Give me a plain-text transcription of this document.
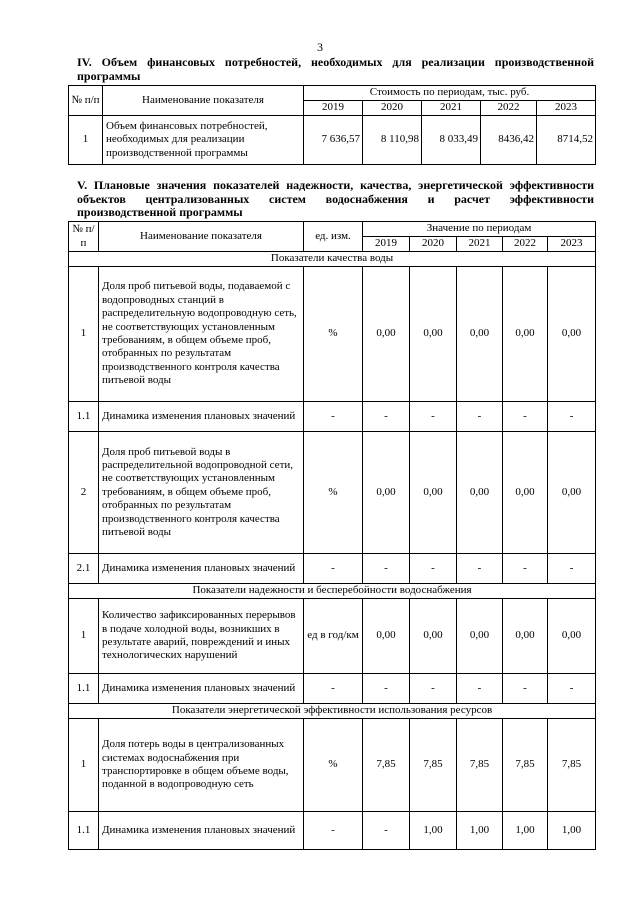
3
IV. Объем финансовых потребностей, необходимых для реализации производственной программы
№ п/п	Наименование показателя	Стоимость по периодам, тыс. руб.				
		2019	2020	2021	2022	2023
1	Объем финансовых потребностей, необходимых для реализации производственной программы	7 636,57	8 110,98	8 033,49	8436,42	8714,52
V. Плановые значения показателей надежности, качества, энергетической эффективности объектов централизованных систем водоснабжения и расчет эффективности производственной программы
№ п/п	Наименование показателя	ед. изм.	Значение по периодам				
			2019	2020	2021	2022	2023
Показатели качества воды							
1	Доля проб питьевой воды, подаваемой с водопроводных станций в распределительную водопроводную сеть, не соответствующих установленным требованиям, в общем объеме проб, отобранных по результатам производственного контроля качества питьевой воды	%	0,00	0,00	0,00	0,00	0,00
1.1	Динамика изменения плановых значений	-	-	-	-	-	-
2	Доля проб питьевой воды в распределительной водопроводной сети, не соответствующих установленным требованиям, в общем объеме проб, отобранных по результатам производственного контроля качества питьевой воды	%	0,00	0,00	0,00	0,00	0,00
2.1	Динамика изменения плановых значений	-	-	-	-	-	-
Показатели надежности и бесперебойности водоснабжения							
1	Количество зафиксированных перерывов в подаче холодной воды, возникших в результате аварий, повреждений и иных технологических нарушений	ед в год/км	0,00	0,00	0,00	0,00	0,00
1.1	Динамика изменения плановых значений	-	-	-	-	-	-
Показатели энергетической эффективности использования ресурсов							
1	Доля потерь воды в централизованных системах водоснабжения при транспортировке в общем объеме воды, поданной в водопроводную сеть	%	7,85	7,85	7,85	7,85	7,85
1.1	Динамика изменения плановых значений	-	-	1,00	1,00	1,00	1,00
